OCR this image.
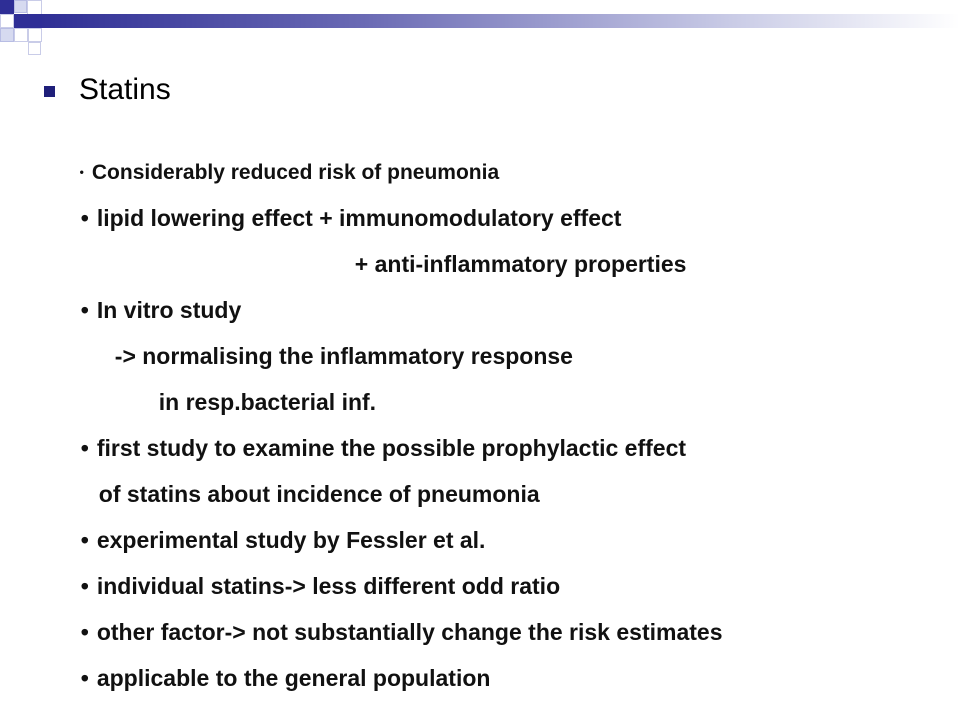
Statins

• Considerably reduced risk of pneumonia

• lipid lowering effect + immunomodulatory effect

+ anti-inflammatory properties

• In vitro study

-> normalising the inflammatory response

in resp.bacterial inf.

• first study to examine the possible prophylactic effect

of statins about incidence of pneumonia

• experimental study by Fessler et al.

• individual statins-> less different odd ratio

• other factor-> not substantially change the risk estimates

• applicable to the general population
